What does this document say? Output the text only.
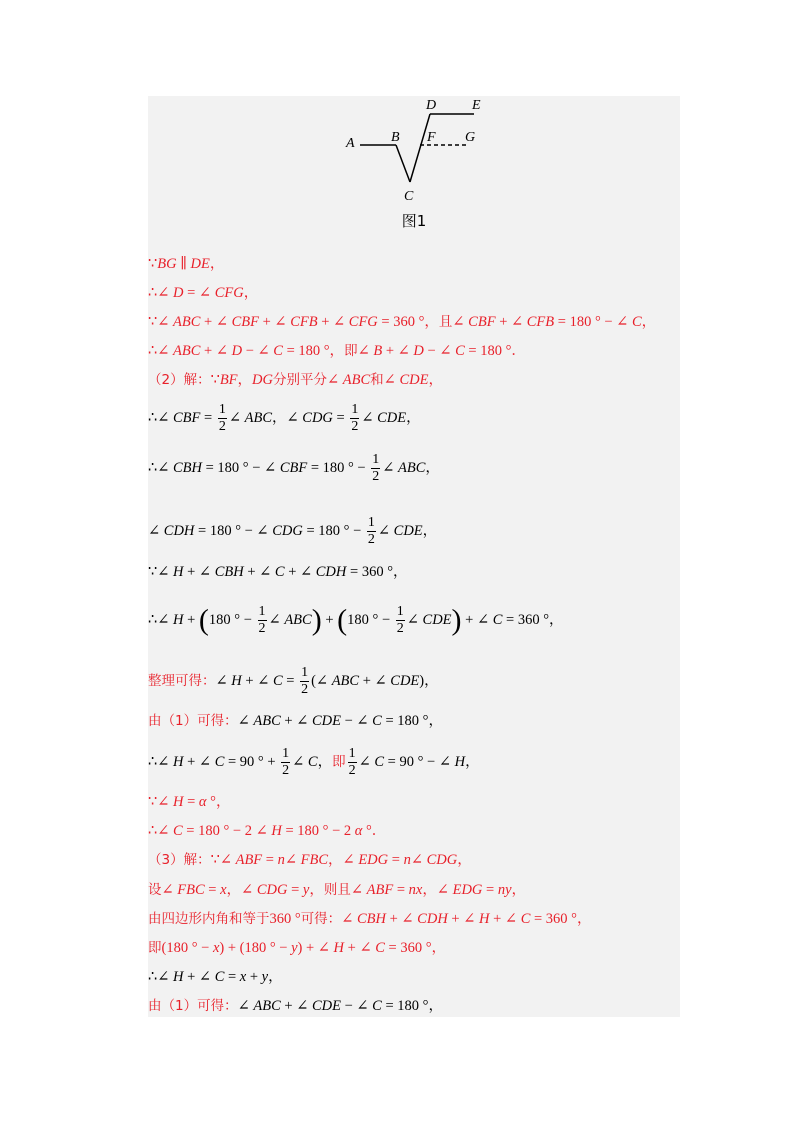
A	B
C
D	E
F G
图1
∵BG ∥ DE，
∴∠ D = ∠ CFG，
∵∠ ABC + ∠ CBF + ∠ CFB + ∠ CFG = 360 °，且∠ CBF + ∠ CFB = 180 ° − ∠ C，
∴∠ ABC + ∠ D − ∠ C = 180 °，即∠ B + ∠ D − ∠ C = 180 °．
（2）解：∵BF，DG分别平分∠ ABC和∠ CDE，
∴∠ CBF = $\frac{1}{2}$ ∠ ABC，∠ CDG = $\frac{1}{2}$ ∠ CDE，
∴∠ CBH = 180 ° − ∠ CBF = 180 ° − $\frac{1}{2}$ ∠ ABC，
∠ CDH = 180 ° − ∠ CDG = 180 ° − $\frac{1}{2}$ ∠ CDE，
∵∠ H + ∠ CBH + ∠ C + ∠ CDH = 360 °，
∴∠ H + (180 ° − $\frac{1}{2}$ ∠ ABC) + (180 ° − $\frac{1}{2}$ ∠ CDE) + ∠ C = 360 °，
整理可得：∠ H + ∠ $C = \frac{1}{2}$ (∠ ABC + ∠ CDE)，
由（1）可得：∠ ABC + ∠ CDE − ∠ C = 180 °，
∴∠ H + ∠ C = 90 ° + $\frac{1}{2}$ ∠ C，即 $\frac{1}{2}$ ∠ C = 90 ° − ∠ H，
∵∠ H = α °，
∴∠ C = 180 ° − 2 ∠ H = 180 ° − 2 α °．
（3）解：∵∠ ABF = n∠ FBC，∠ EDG = n∠ CDG，
设∠ FBC = x，∠ CDG = y，则且∠ ABF = nx，∠ EDG = ny，
由四边形内角和等于360 °可得：∠ CBH + ∠ CDH + ∠ H + ∠ C = 360 °，
即(180 ° − x) + (180 ° − y) + ∠ H + ∠ C = 360 °，
∴∠ H + ∠ C = x + y，
由（1）可得：∠ ABC + ∠ CDE − ∠ C = 180 °，
